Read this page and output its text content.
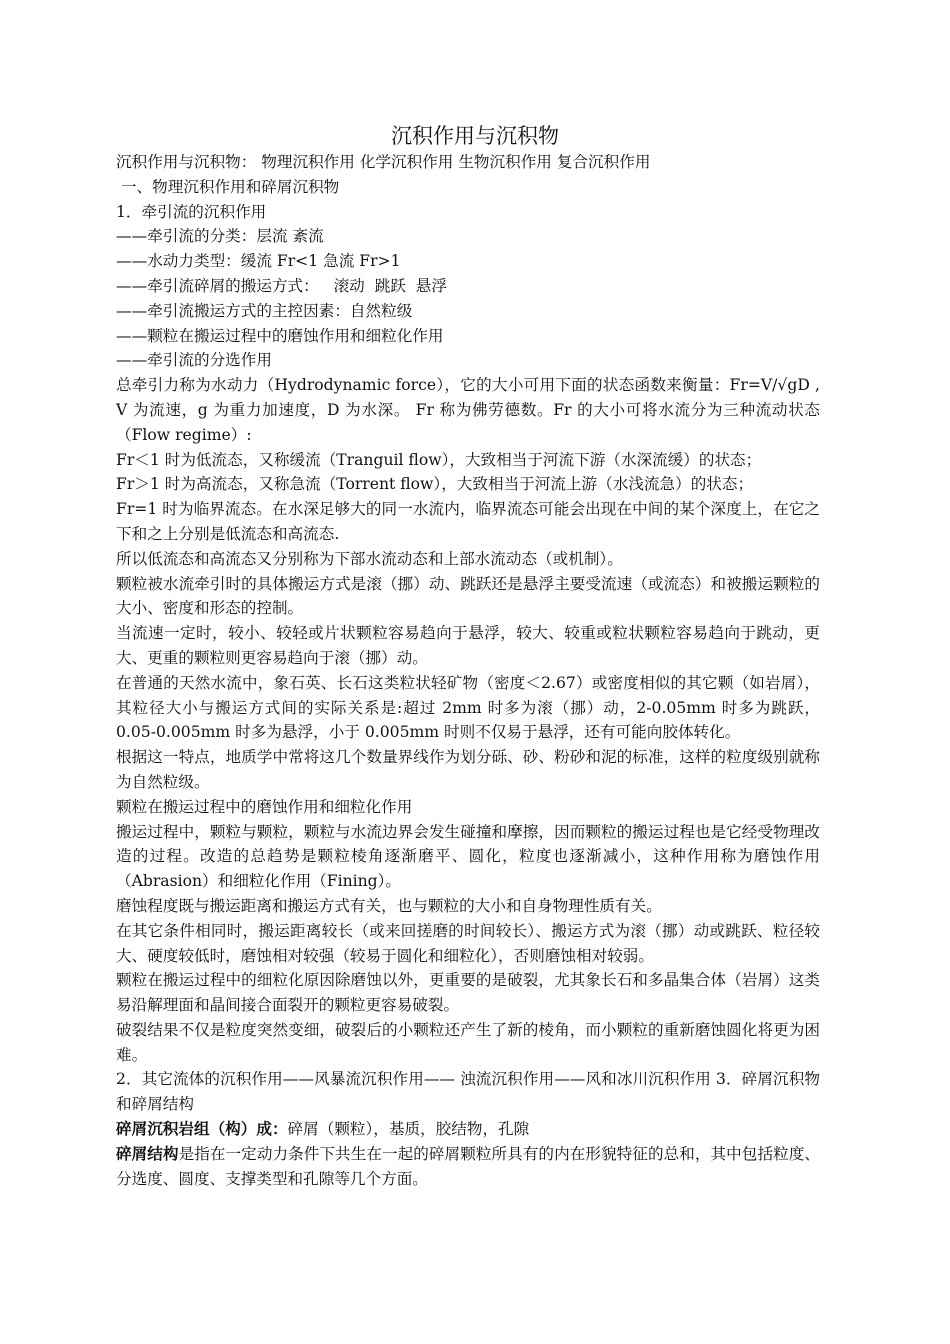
沉积作用与沉积物

沉积作用与沉积物： 物理沉积作用 化学沉积作用 生物沉积作用 复合沉积作用

一、物理沉积作用和碎屑沉积物

1．牵引流的沉积作用

——牵引流的分类：层流 紊流

——水动力类型：缓流 Fr<1 急流 Fr>1

——牵引流碎屑的搬运方式：   滚动  跳跃  悬浮

——牵引流搬运方式的主控因素：自然粒级

——颗粒在搬运过程中的磨蚀作用和细粒化作用

——牵引流的分选作用

总牵引力称为水动力（Hydrodynamic force），它的大小可用下面的状态函数来衡量：Fr=V/√gD , V 为流速，g 为重力加速度，D 为水深。 Fr 称为佛劳德数。Fr 的大小可将水流分为三种流动状态（Flow regime）:

Fr＜1 时为低流态，又称缓流（Tranguil flow），大致相当于河流下游（水深流缓）的状态；

Fr＞1 时为高流态，又称急流（Torrent flow），大致相当于河流上游（水浅流急）的状态；

Fr=1 时为临界流态。在水深足够大的同一水流内，临界流态可能会出现在中间的某个深度上，在它之下和之上分别是低流态和高流态.

所以低流态和高流态又分别称为下部水流动态和上部水流动态（或机制）。

颗粒被水流牵引时的具体搬运方式是滚（挪）动、跳跃还是悬浮主要受流速（或流态）和被搬运颗粒的大小、密度和形态的控制。

当流速一定时，较小、较轻或片状颗粒容易趋向于悬浮，较大、较重或粒状颗粒容易趋向于跳动，更大、更重的颗粒则更容易趋向于滚（挪）动。

在普通的天然水流中，象石英、长石这类粒状轻矿物（密度＜2.67）或密度相似的其它颗（如岩屑），其粒径大小与搬运方式间的实际关系是:超过 2mm 时多为滚（挪）动，2-0.05mm 时多为跳跃，0.05-0.005mm 时多为悬浮，小于 0.005mm 时则不仅易于悬浮，还有可能向胶体转化。

根据这一特点，地质学中常将这几个数量界线作为划分砾、砂、粉砂和泥的标准，这样的粒度级别就称为自然粒级。

颗粒在搬运过程中的磨蚀作用和细粒化作用

搬运过程中，颗粒与颗粒，颗粒与水流边界会发生碰撞和摩擦，因而颗粒的搬运过程也是它经受物理改造的过程。改造的总趋势是颗粒棱角逐渐磨平、圆化，粒度也逐渐减小，这种作用称为磨蚀作用（Abrasion）和细粒化作用（Fining）。

磨蚀程度既与搬运距离和搬运方式有关，也与颗粒的大小和自身物理性质有关。

在其它条件相同时，搬运距离较长（或来回搓磨的时间较长）、搬运方式为滚（挪）动或跳跃、粒径较大、硬度较低时，磨蚀相对较强（较易于圆化和细粒化），否则磨蚀相对较弱。

颗粒在搬运过程中的细粒化原因除磨蚀以外，更重要的是破裂，尤其象长石和多晶集合体（岩屑）这类易沿解理面和晶间接合面裂开的颗粒更容易破裂。

破裂结果不仅是粒度突然变细，破裂后的小颗粒还产生了新的棱角，而小颗粒的重新磨蚀圆化将更为困难。

2．其它流体的沉积作用——风暴流沉积作用—— 浊流沉积作用——风和冰川沉积作用 3．碎屑沉积物和碎屑结构

碎屑沉积岩组（构）成：碎屑（颗粒），基质，胶结物，孔隙

碎屑结构是指在一定动力条件下共生在一起的碎屑颗粒所具有的内在形貌特征的总和，其中包括粒度、分选度、圆度、支撑类型和孔隙等几个方面。
